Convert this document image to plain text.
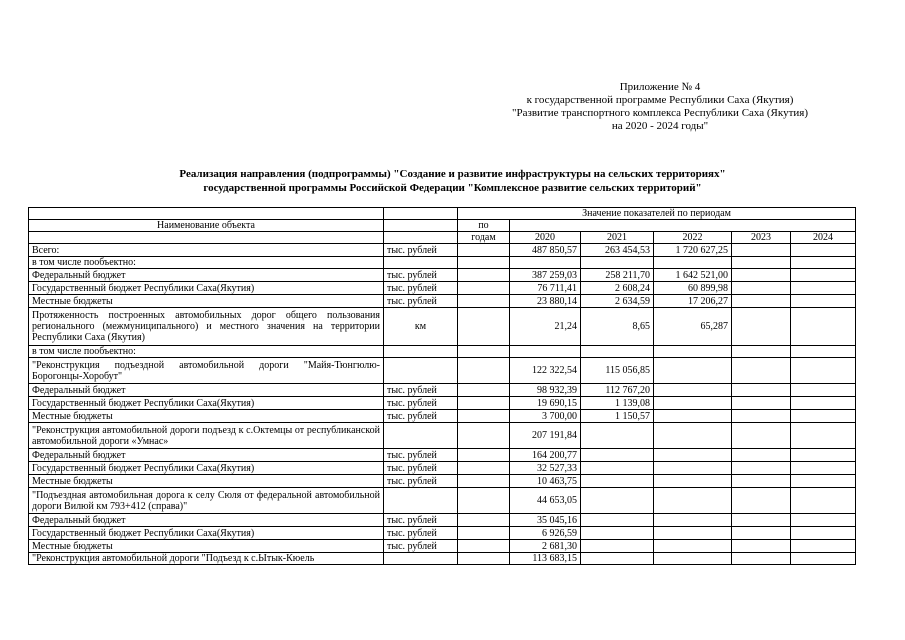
Приложение № 4
к государственной программе Республики Саха (Якутия)
"Развитие транспортного комплекса Республики Саха (Якутия)
на 2020 - 2024 годы"
Реализация направления (подпрограммы) "Создание и развитие инфраструктуры на сельских территориях"
государственной программы Российской Федерации "Комплексное развитие сельских территорий"
		Значение показателей по периодам					
Наименование объекта		по					
		годам	2020	2021	2022	2023	2024
Всего:	тыс. рублей		487 850,57	263 454,53	1 720 627,25		
в том числе пообъектно:							
Федеральный бюджет	тыс. рублей		387 259,03	258 211,70	1 642 521,00		
Государственный бюджет Республики Саха(Якутия)	тыс. рублей		76 711,41	2 608,24	60 899,98		
Местные бюджеты	тыс. рублей		23 880,14	2 634,59	17 206,27		
Протяженность построенных автомобильных дорог общего пользования регионального (межмуниципального) и местного значения на территории Республики Саха (Якутия)	км		21,24	8,65	65,287		
в том числе пообъектно:							
"Реконструкция подъездной автомобильной дороги "Майя-Тюнгюлю-Борогонцы-Хоробут"			122 322,54	115 056,85			
Федеральный бюджет	тыс. рублей		98 932,39	112 767,20			
Государственный бюджет Республики Саха(Якутия)	тыс. рублей		19 690,15	1 139,08			
Местные бюджеты	тыс. рублей		3 700,00	1 150,57			
"Реконструкция автомобильной дороги подъезд к с.Октемцы от республиканской автомобильной дороги «Умнас»			207 191,84				
Федеральный бюджет	тыс. рублей		164 200,77				
Государственный бюджет Республики Саха(Якутия)	тыс. рублей		32 527,33				
Местные бюджеты	тыс. рублей		10 463,75				
"Подъездная автомобильная дорога к селу Сюля от федеральной автомобильной дороги Вилюй км 793+412 (справа)"			44 653,05				
Федеральный бюджет	тыс. рублей		35 045,16				
Государственный бюджет Республики Саха(Якутия)	тыс. рублей		6 926,59				
Местные бюджеты	тыс. рублей		2 681,30				
"Реконструкция автомобильной дороги "Подъезд к с.Ытык-Кюель			113 683,15				
